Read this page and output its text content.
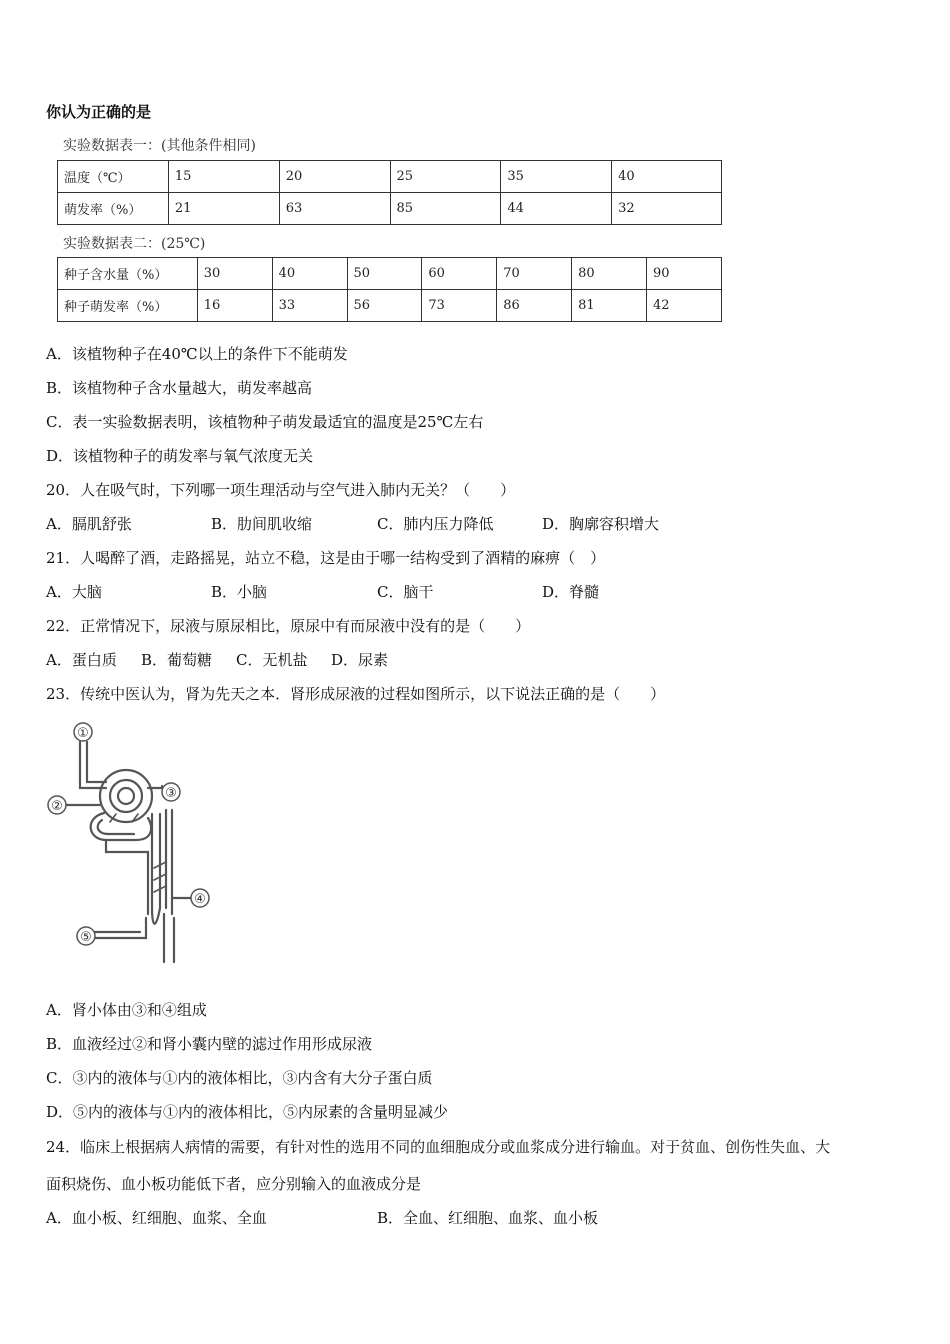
你认为正确的是
实验数据表一：(其他条件相同)
温度（℃）	15	20	25	35	40
萌发率（%）	21	63	85	44	32
实验数据表二：(25℃)
种子含水量（%）	30	40	50	60	70	80	90
种子萌发率（%）	16	33	56	73	86	81	42
A．该植物种子在40℃以上的条件下不能萌发
B．该植物种子含水量越大，萌发率越高
C．表一实验数据表明，该植物种子萌发最适宜的温度是25℃左右
D．该植物种子的萌发率与氧气浓度无关
20．人在吸气时，下列哪一项生理活动与空气进入肺内无关？（　　）
A．膈肌舒张	B．肋间肌收缩	C．肺内压力降低	D．胸廓容积增大
21．人喝醉了酒，走路摇晃，站立不稳，这是由于哪一结构受到了酒精的麻痹（　）
A．大脑	B．小脑	C．脑干	D．脊髓
22．正常情况下，尿液与原尿相比，原尿中有而尿液中没有的是（　　）
A．蛋白质 B．葡萄糖 C．无机盐 D．尿素
23．传统中医认为，肾为先天之本．肾形成尿液的过程如图所示，以下说法正确的是（　　）
①
②
③
④
⑤
A．肾小体由③和④组成
B．血液经过②和肾小囊内壁的滤过作用形成尿液
C．③内的液体与①内的液体相比，③内含有大分子蛋白质
D．⑤内的液体与①内的液体相比，⑤内尿素的含量明显减少
24．临床上根据病人病情的需要，有针对性的选用不同的血细胞成分或血浆成分进行输血。对于贫血、创伤性失血、大
面积烧伤、血小板功能低下者，应分别输入的血液成分是
A．血小板、红细胞、血浆、全血	B．全血、红细胞、血浆、血小板
